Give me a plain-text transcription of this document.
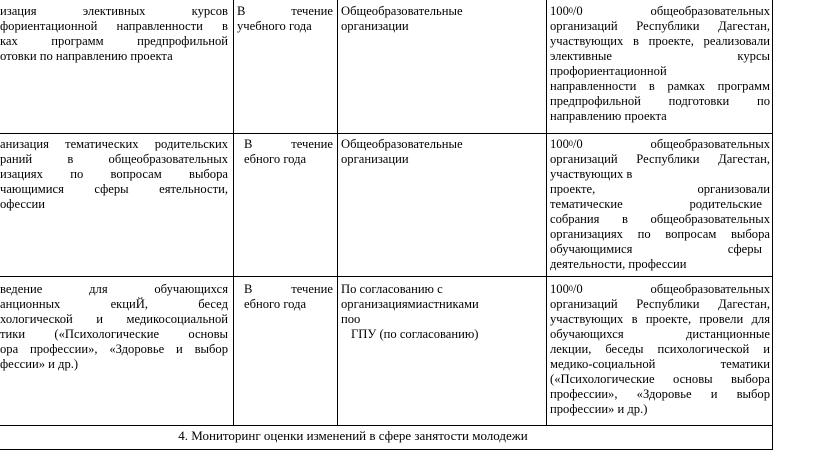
изация элективных курсов
фориентационной направленности в
ках программ предпрофильной
отовки по направлению проекта
В течение
учебного года
Общеобразовательные
организации
$100^0/0$ общеобразовательных
организаций Республики Дагестан,
участвующих в проекте, реализовали
элективные курсы
профориентационной
направленности в рамках программ
предпрофильной подготовки по
направлению проекта
анизация тематических родительских
раний в общеобразовательных
изациях по вопросам выбора
чающимися сферы еятельности,
офессии
В течение
ебного года
Общеобразовательные
организации
$100^0/0$ общеобразовательных
организаций Республики Дагестан,
участвующих в
проекте, организовали
тематические родительские
собрания в общеобразовательных
организациях по вопросам выбора
обучающимися сферы
деятельности, профессии
ведение для обучающихся
анционных екциЙ, бесед
хологической и медикосоциальной
тики («Психологические основы
ора профессии», «Здоровье и выбор
фессии» и др.)
В течение
ебного года
По согласованию с
организациямиастниками
поо
ГПУ (по согласованию)
$100^0/0$ общеобразовательных
организаций Республики Дагестан,
участвующих в проекте, провели для
обучающихся дистанционные
лекции, беседы психологической и
медико-социальной тематики
(«Психологические основы выбора
профессии», «Здоровье и выбор
профессии» и др.)
4. Мониторинг оценки изменений в сфере занятости молодежи
